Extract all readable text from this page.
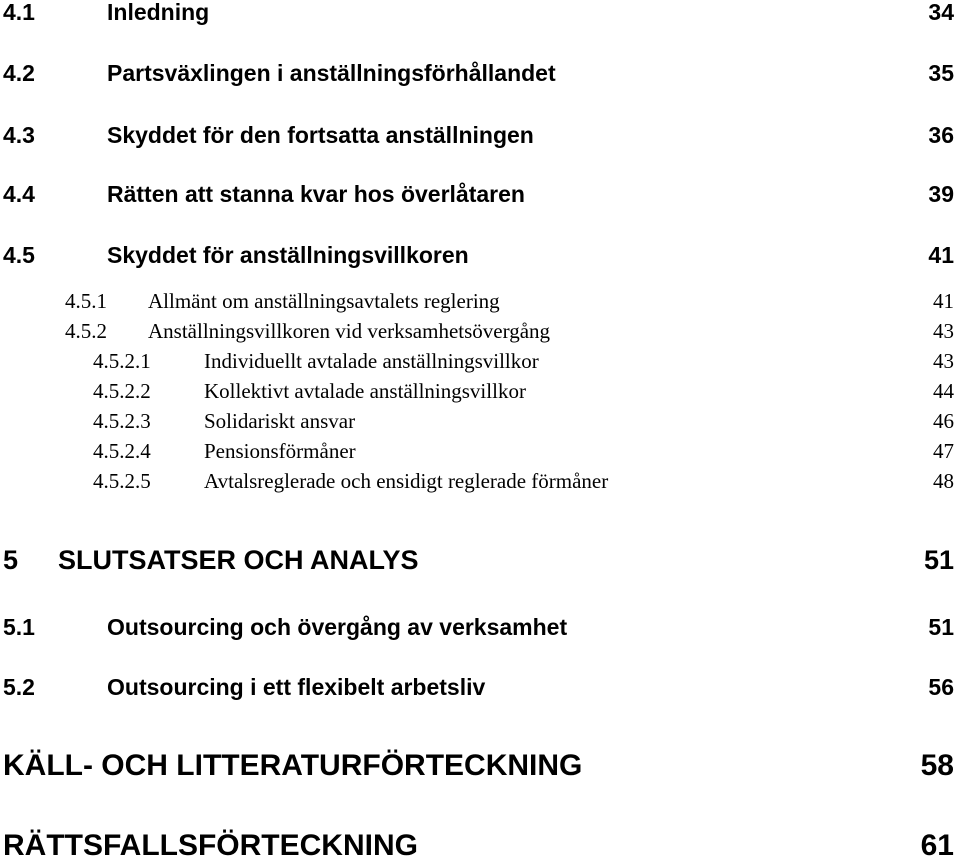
4.1	Inledning	34
4.2	Partsväxlingen i anställningsförhållandet	35
4.3	Skyddet för den fortsatta anställningen	36
4.4	Rätten att stanna kvar hos överlåtaren	39
4.5	Skyddet för anställningsvillkoren	41
4.5.1 Allmänt om anställningsavtalets reglering	41
4.5.2 Anställningsvillkoren vid verksamhetsövergång	43
4.5.2.1	Individuellt avtalade anställningsvillkor	43
4.5.2.2	Kollektivt avtalade anställningsvillkor	44
4.5.2.3	Solidariskt ansvar	46
4.5.2.4	Pensionsförmåner	47
4.5.2.5	Avtalsreglerade och ensidigt reglerade förmåner	48
5 SLUTSATSER OCH ANALYS	51
5.1	Outsourcing och övergång av verksamhet	51
5.2	Outsourcing i ett flexibelt arbetsliv	56
KÄLL- OCH LITTERATURFÖRTECKNING	58
RÄTTSFALLSFÖRTECKNING	61
